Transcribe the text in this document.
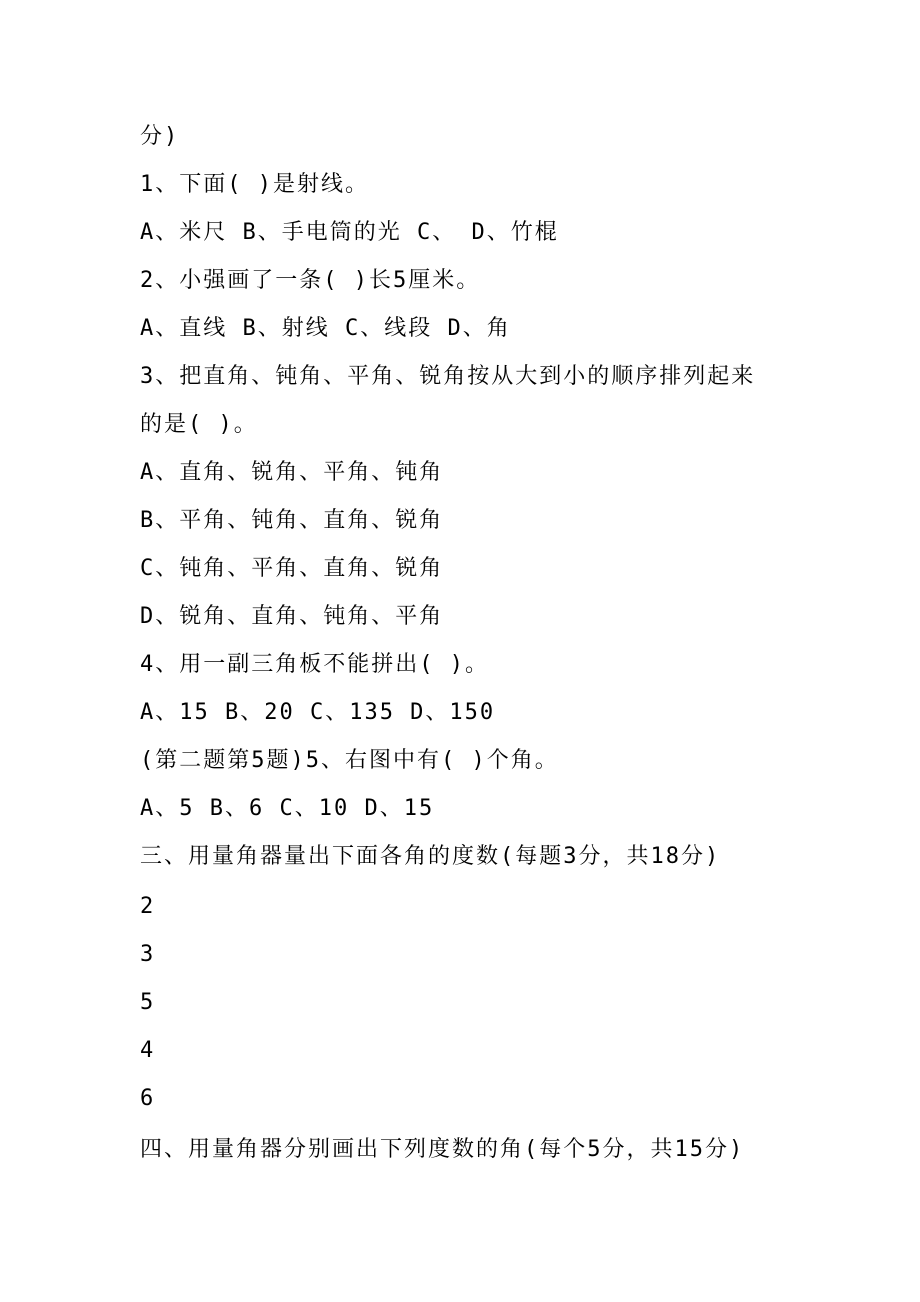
分)
1、下面( )是射线。
A、米尺 B、手电筒的光 C、 D、竹棍
2、小强画了一条( )长5厘米。
A、直线 B、射线 C、线段 D、角
3、把直角、钝角、平角、锐角按从大到小的顺序排列起来
的是( )。
A、直角、锐角、平角、钝角
B、平角、钝角、直角、锐角
C、钝角、平角、直角、锐角
D、锐角、直角、钝角、平角
4、用一副三角板不能拼出( )。
A、15 B、20 C、135 D、150
(第二题第5题)5、右图中有( )个角。
A、5 B、6 C、10 D、15
三、用量角器量出下面各角的度数(每题3分，共18分)
2
3
5
4
6
四、用量角器分别画出下列度数的角(每个5分，共15分)
